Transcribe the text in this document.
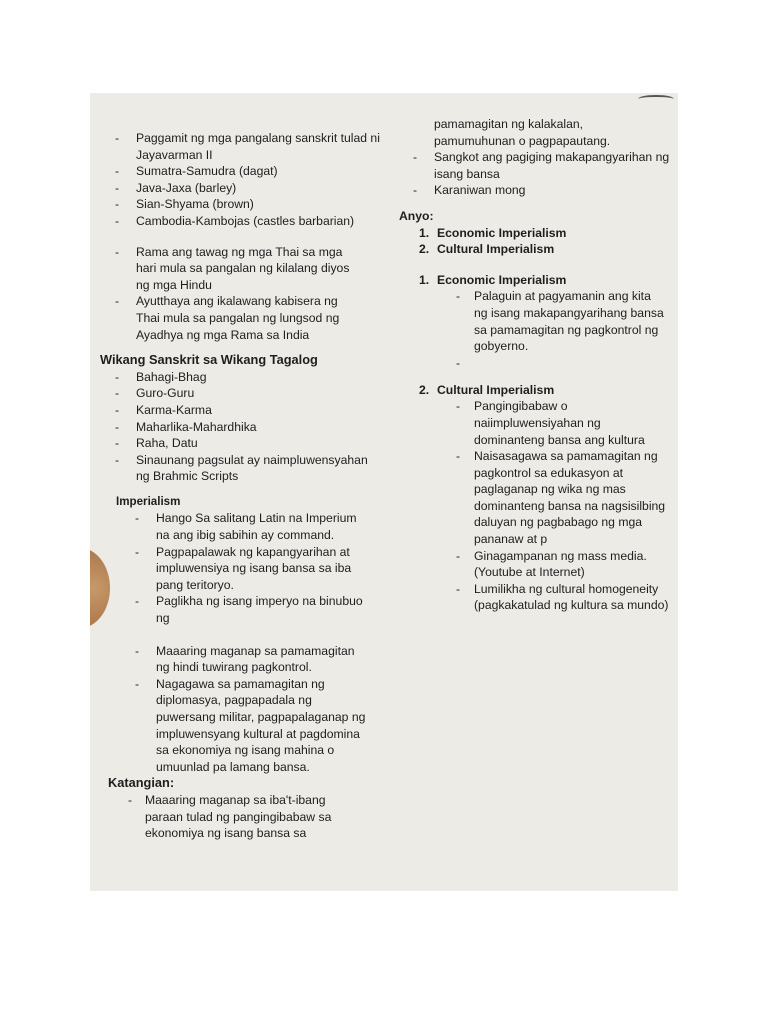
- Paggamit ng mga pangalang sanskrit tulad ni Jayavarman II
- Sumatra-Samudra (dagat)
- Java-Jaxa (barley)
- Sian-Shyama (brown)
- Cambodia-Kambojas (castles barbarian)
- Rama ang tawag ng mga Thai sa mga hari mula sa pangalan ng kilalang diyos ng mga Hindu
- Ayutthaya ang ikalawang kabisera ng Thai mula sa pangalan ng lungsod ng Ayadhya ng mga Rama sa India
Wikang Sanskrit sa Wikang Tagalog
- Bahagi-Bhag
- Guro-Guru
- Karma-Karma
- Maharlika-Mahardhika
- Raha, Datu
- Sinaunang pagsulat ay naimpluwensyahan ng Brahmic Scripts
Imperialism
- Hango Sa salitang Latin na Imperium na ang ibig sabihin ay command.
- Pagpapalawak ng kapangyarihan at impluwensiya ng isang bansa sa iba pang teritoryo.
- Paglikha ng isang imperyo na binubuo ng
- Maaaring maganap sa pamamagitan ng hindi tuwirang pagkontrol.
- Nagagawa sa pamamagitan ng diplomasya, pagpapadala ng puwersang militar, pagpapalaganap ng impluwensyang kultural at pagdomina sa ekonomiya ng isang mahina o umuunlad pa lamang bansa.
Katangian:
- Maaaring maganap sa iba't-ibang paraan tulad ng pangingibabaw sa ekonomiya ng isang bansa sa
pamamagitan ng kalakalan, pamumuhunan o pagpapautang.
- Sangkot ang pagiging makapangyarihan ng isang bansa
- Karaniwan mong
Anyo:
1. Economic Imperialism
2. Cultural Imperialism
1. Economic Imperialism
- Palaguin at pagyamanin ang kita ng isang makapangyarihang bansa sa pamamagitan ng pagkontrol ng gobyerno.
-
2. Cultural Imperialism
- Pangingibabaw o naiimpluwensiyahan ng dominanteng bansa ang kultura
- Naisasagawa sa pamamagitan ng pagkontrol sa edukasyon at paglaganap ng wika ng mas dominanteng bansa na nagsisilbing daluyan ng pagbabago ng mga pananaw at p
- Ginagampanan ng mass media. (Youtube at Internet)
- Lumilikha ng cultural homogeneity (pagkakatulad ng kultura sa mundo)
